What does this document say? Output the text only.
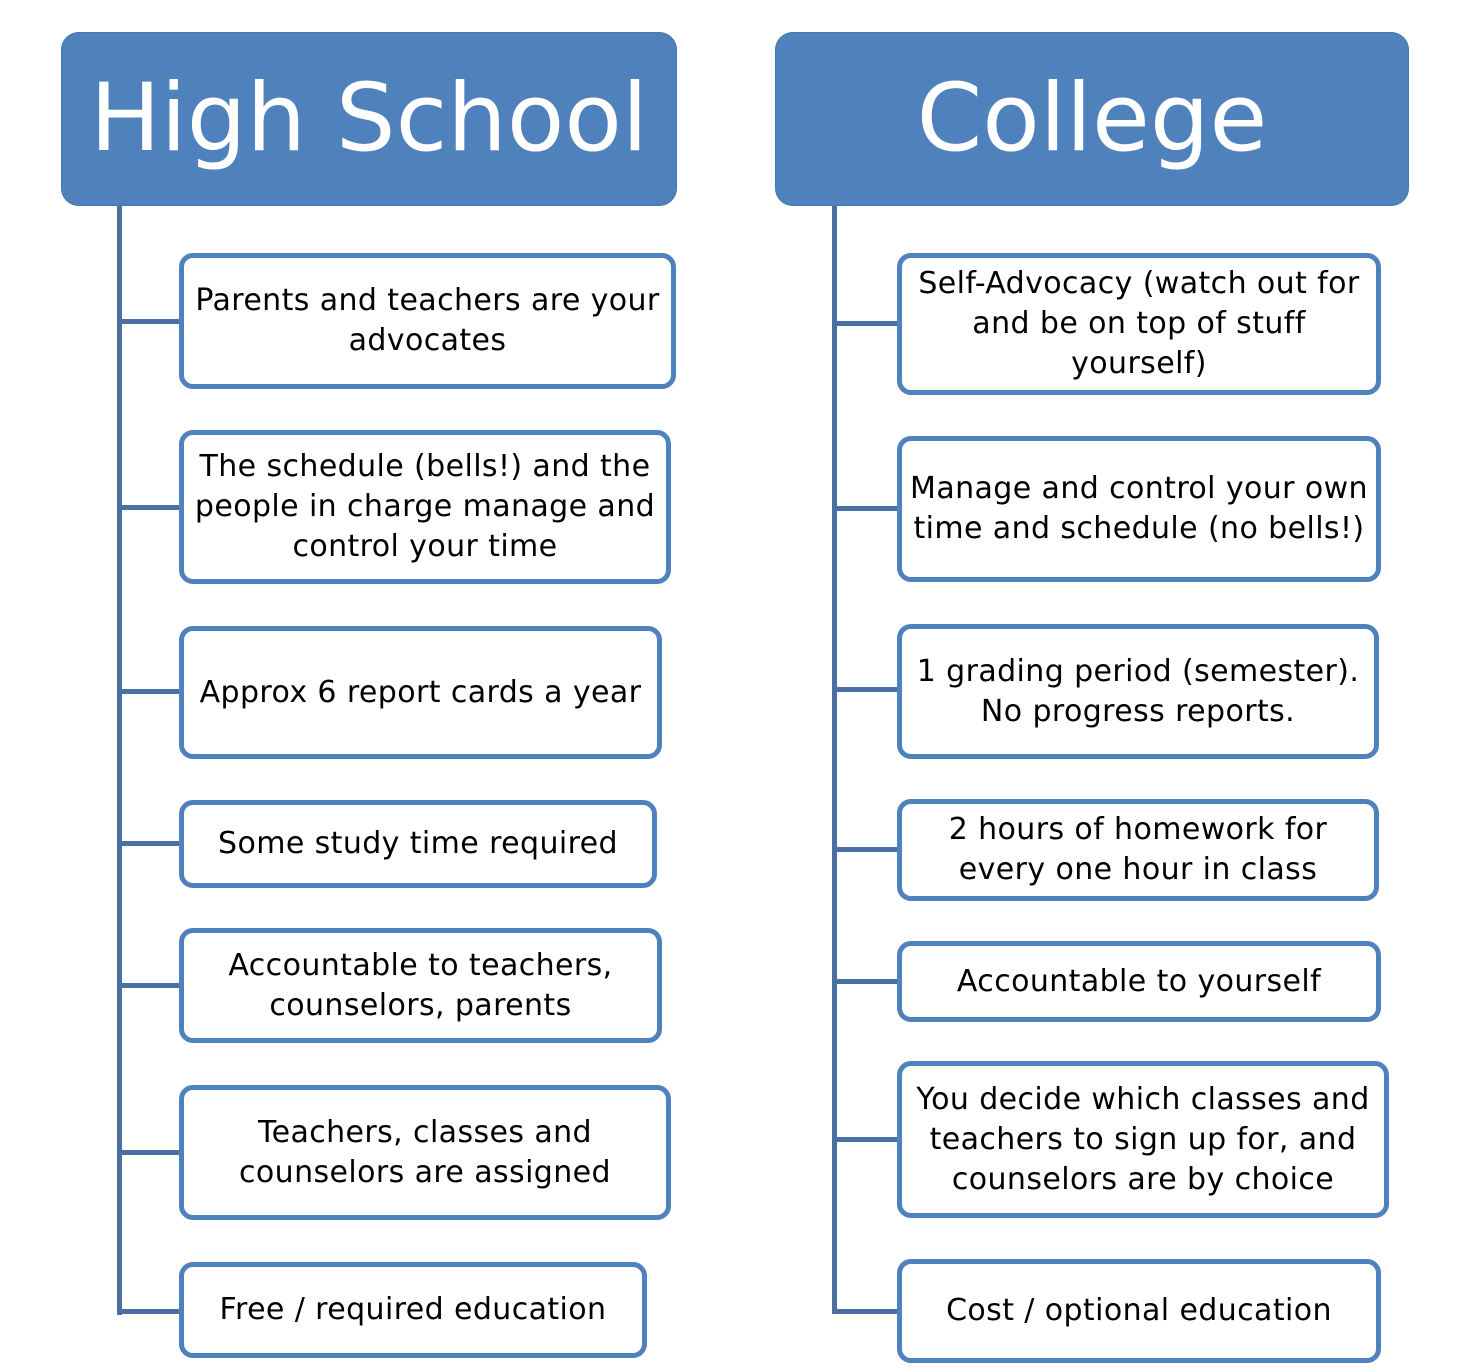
High School
Parents and teachers are your advocates
The schedule (bells!) and the people in charge manage and control your time
Approx 6 report cards a year
Some study time required
Accountable to teachers, counselors, parents
Teachers, classes and counselors are assigned
Free / required education
College
Self-Advocacy (watch out for and be on top of stuff yourself)
Manage and control your own time and schedule (no bells!)
1 grading period (semester). No progress reports.
2 hours of homework for every one hour in class
Accountable to yourself
You decide which classes and teachers to sign up for, and counselors are by choice
Cost / optional education
